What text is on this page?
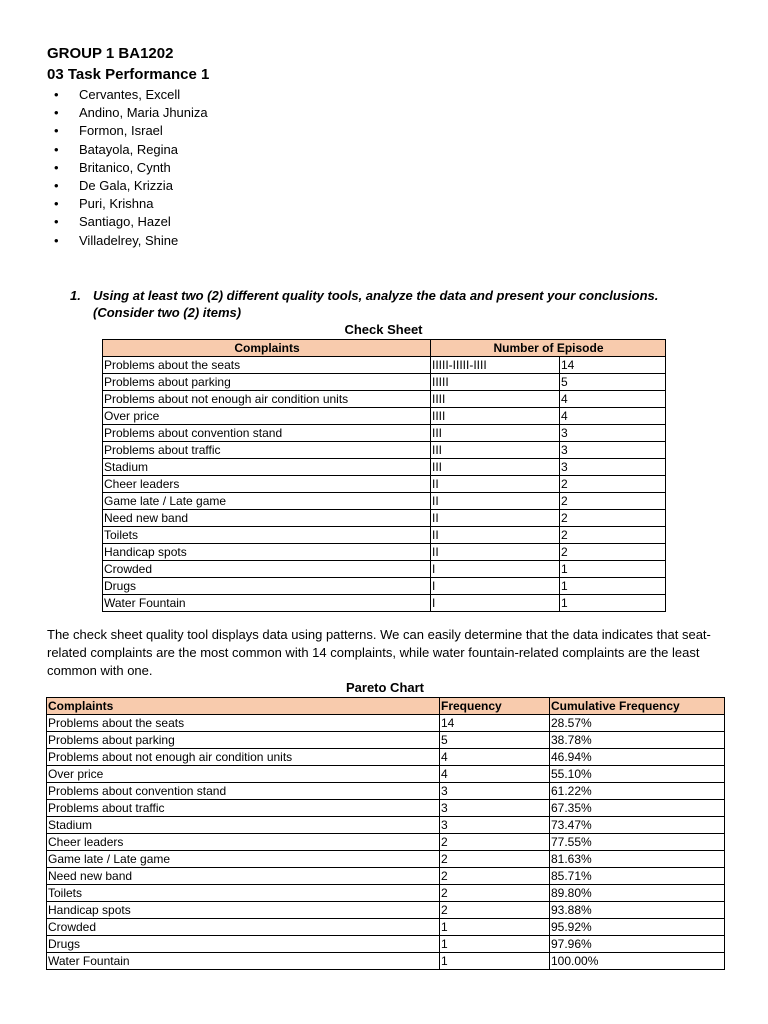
GROUP 1 BA1202
03 Task Performance 1
• Cervantes, Excell
• Andino, Maria Jhuniza
• Formon, Israel
• Batayola, Regina
• Britanico, Cynth
• De Gala, Krizzia
• Puri, Krishna
• Santiago, Hazel
• Villadelrey, Shine
1. Using at least two (2) different quality tools, analyze the data and present your conclusions. (Consider two (2) items)
Check Sheet
Complaints	Number of Episode	
Problems about the seats	IIIII-IIIII-IIII	14
Problems about parking	IIIII	5
Problems about not enough air condition units	IIII	4
Over price	IIII	4
Problems about convention stand	III	3
Problems about traffic	III	3
Stadium	III	3
Cheer leaders	II	2
Game late / Late game	II	2
Need new band	II	2
Toilets	II	2
Handicap spots	II	2
Crowded	I	1
Drugs	I	1
Water Fountain	I	1

The check sheet quality tool displays data using patterns. We can easily determine that the data indicates that seat-related complaints are the most common with 14 complaints, while water fountain-related complaints are the least common with one.

Pareto Chart
Complaints	Frequency	Cumulative Frequency
Problems about the seats	14	28.57%
Problems about parking	5	38.78%
Problems about not enough air condition units	4	46.94%
Over price	4	55.10%
Problems about convention stand	3	61.22%
Problems about traffic	3	67.35%
Stadium	3	73.47%
Cheer leaders	2	77.55%
Game late / Late game	2	81.63%
Need new band	2	85.71%
Toilets	2	89.80%
Handicap spots	2	93.88%
Crowded	1	95.92%
Drugs	1	97.96%
Water Fountain	1	100.00%
